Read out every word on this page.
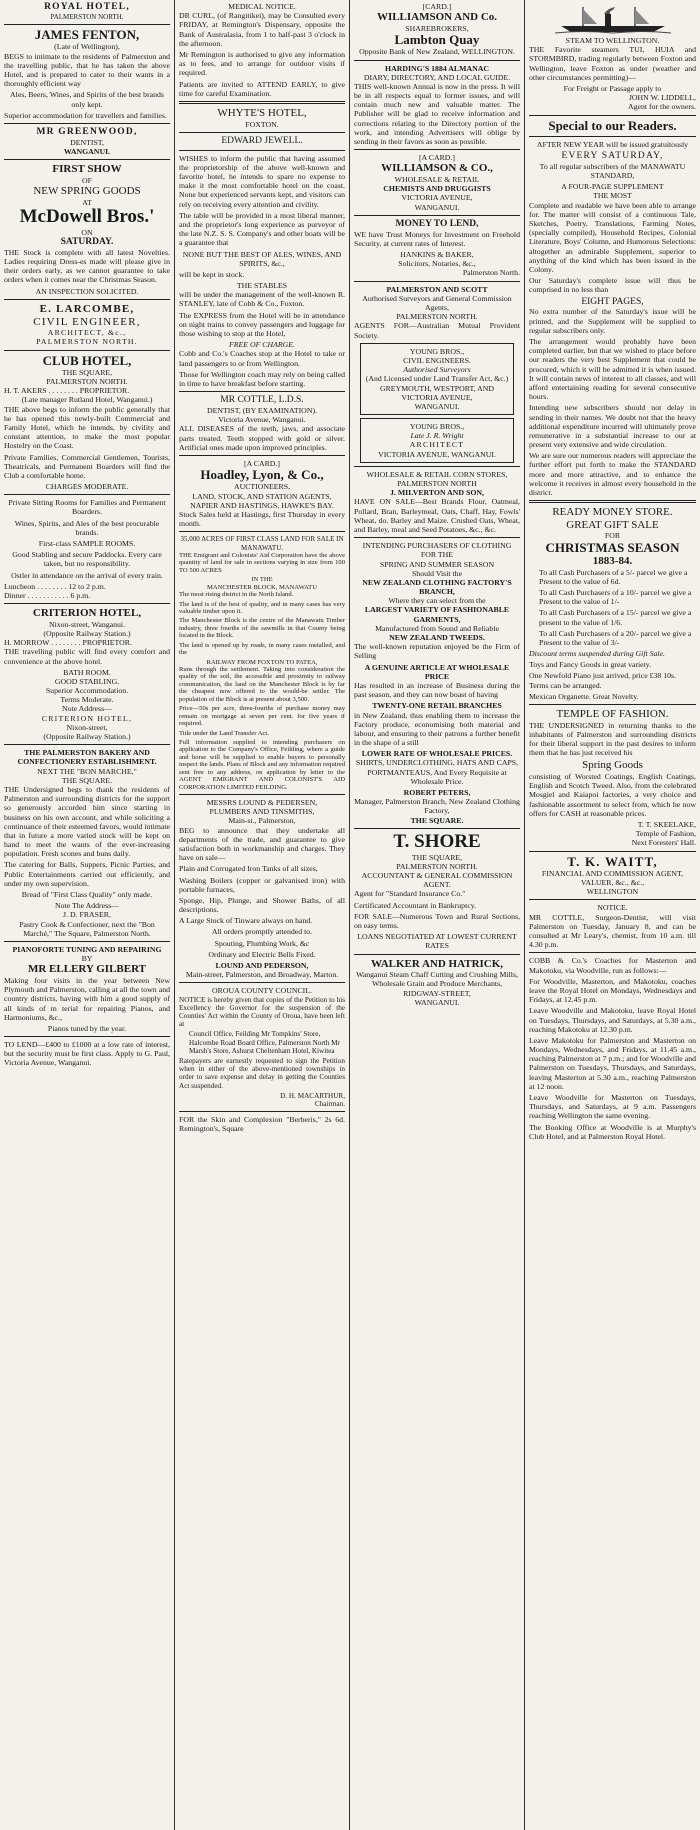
ROYAL HOTEL,
PALMERSTON NORTH.
JAMES FENTON,
(Late of Wellington),

BEGS to intimate to the residents of Palmerston and the travelling public, that he has taken the above Hotel, and is prepared to cater to their wants in a thoroughly efficient way

Ales, Beers, Wines, and Spirits of the best brands only kept.

Superior accommodation for travellers and families.

MR GREENWOOD,
DENTIST,
WANGANUI.
FIRST SHOW
OF
NEW SPRING GOODS
AT
McDowell Bros.'
ON
SATURDAY.

THE Stock is complete with all latest Novelties. Ladies requiring Dress-es made will please give in their orders early, as we cannot guarantee to take orders when it comes near the Christmas Season.

AN INSPECTION SOLICITED.
E. LARCOMBE,
CIVIL ENGINEER,
ARCHITECT, &c.,
PALMERSTON NORTH.
CLUB HOTEL,
THE SQUARE,
PALMERSTON NORTH.
H. T. AKERS . . . . . . . . PROPRIETOR.
(Late manager Rutland Hotel, Wanganui.)

THE above begs to inform the public generally that he has opened this newly-built Commercial and Family Hotel, which he intends, by civility and constant attention, to make the most popular Hostelry on the Coast.

Private Families, Commercial Gentlemen, Tourists, Theatricals, and Permanent Boarders will find the Club a comfortable home.

CHARGES MODERATE.

Private Sitting Rooms for Families and Permanent Boarders.

Wines, Spirits, and Ales of the best procurable brands.

First-class SAMPLE ROOMS.

Good Stabling and secure Paddocks. Every care taken, but no responsibility.

Ostler in attendance on the arrival of every train.

Luncheon . . . . . . . . 12 to 2 p.m.
Dinner . . . . . . . . . . . 6 p.m.
CRITERION HOTEL,
Nixon-street, Wanganui.
(Opposite Railway Station.)
H. MORROW . . . . . . . . PROPRIETOR.

THE travelling public will find every comfort and convenience at the above hotel.

BATH ROOM.
GOOD STABLING.
Superior Accommodation.
Terms Moderate.
Note Address—
CRITERION HOTEL,
Nixon-street,
(Opposite Railway Station.)
THE PALMERSTON BAKERY AND CONFECTIONERY ESTABLISHMENT.
NEXT THE "BON MARCHE,"
THE SQUARE.

THE Undersigned begs to thank the residents of Palmerston and surrounding districts for the support so generously accorded him since starting in business on his own account, and while soliciting a continuance of their esteemed favors, would intimate that in future a more varied stock will be kept on hand to meet the wants of the ever-increasing population. Fresh scones and buns daily.

The catering for Balls, Suppers, Picnic Parties, and Public Entertainments carried out efficiently, and under my own supervision.

Bread of "First Class Quality" only made.

Note The Address—
J. D. FRASER,

Pastry Cook & Confectioner, next the "Bon Marché," The Square, Palmerston North.

PIANOFORTE TUNING AND REPAIRING
BY
MR ELLERY GILBERT

Making four visits in the year between New Plymouth and Palmerston, calling at all the town and country districts, having with him a good supply of all kinds of m terial for repairing Pianos, and Harmoniums, &c.,

Pianos tuned by the year.

TO LEND—£400 to £1000 at a low rate of interest, but the security must be first class. Apply to G. Paul, Victoria Avenue, Wanganui.

MEDICAL NOTICE.

DR CURL, (of Rangitikei), may be Consulted every FRIDAY, at Remington's Dispensary, opposite the Bank of Australasia, from 1 to half-past 3 o'clock in the afternoon.

Mr Remington is authorised to give any information as to fees, and to arrange for outdoor visits if required.

Patients are invited to ATTEND EARLY, to give time for careful Examination.

WHYTE'S HOTEL,
FOXTON.
EDWARD JEWELL.

WISHES to inform the public that having assumed the proprietorship of the above well-known and favorite hotel, he intends to spare no expense to make it the most comfortable hotel on the coast. None but experienced servants kept, and visitors can rely on receiving every attention and civility.

The table will be provided in a most liberal manner, and the proprietor's long experience as purveyor of the late N.Z. S. S. Company's and other boats will be a guarantee that

NONE BUT THE BEST OF ALES, WINES, AND SPIRITS, &c.,

will be kept in stock.

THE STABLES

will be under the management of the well-known R. STANLEY, late of Cobb & Co., Foxton.

The EXPRESS from the Hotel will be in attendance on night trains to convey passengers and luggage for those wishing to stop at the Hotel,

FREE OF CHARGE.

Cobb and Co.'s Coaches stop at the Hotel to take or land passengers to or from Wellington.

Those for Wellington coach may rely on being called in time to have breakfast before starting.

MR COTTLE, L.D.S.
DENTIST, (BY EXAMINATION).
Victoria Avenue, Wanganui.

ALL DISEASES of the teeth, jaws, and associate parts treated. Teeth stopped with gold or silver. Artificial ones made upon improved principles.

[A CARD.]
Hoadley, Lyon, & Co.,
AUCTIONEERS,
LAND, STOCK, AND STATION AGENTS,
NAPIER AND HASTINGS, HAWKE'S BAY.

Stock Sales held at Hastings, first Thursday in every month.

35,000 ACRES OF FIRST CLASS LAND FOR SALE IN MANAWATU.

THE Emigrant and Colonists' Aid Corporation have the above quantity of land for sale in sections varying in size from 100 TO 500 ACRES

IN THE
MANCHESTER BLOCK, MANAWATU

The most rising district in the North Island.

The land is of the best of quality, and in many cases has very valuable timber upon it.

The Manchester Block is the centre of the Manawatu Timber industry, three fourths of the sawmills in that County being located in the Block.

The land is opened up by roads, in many cases metalled, and the

RAILWAY FROM FOXTON TO PATEA,

Runs through the settlement. Taking into consideration the quality of the soil, the accessible and proximity to railway communication, the land on the Manchester Block is by far the cheapest now offered to the would-be settler. The population of the Block is at present about 3,500.

Price—50s per acre, three-fourths of purchase money may remain on mortgage at seven per cent. for five years if required.

Title under the Land Transfer Act.

Full information supplied to intending purchasers on application to the Company's Office, Feilding, where a guide and horse will be supplied to enable buyers to personally inspect the lands. Plans of Block and any information required sent free to any address, on application by letter to the AGENT EMIGRANT AND COLONIST'S AID CORPORATION LIMITED FEILDING.

MESSRS LOUND & PEDERSEN,
PLUMBERS AND TINSMITHS,
Main-st., Palmerston,

BEG to announce that they undertake all departments of the trade, and guarantee to give satisfaction both in workmanship and charges. They have on sale—

Plain and Corrugated Iron Tanks of all sizes,

Washing Boilers (copper or galvanised iron) with portable furnaces,

Sponge, Hip, Plunge, and Shower Baths, of all descriptions.

A Large Stock of Tinware always on hand.

All orders promptly attended to.

Spouting, Plumbing Work, &c

Ordinary and Electric Bells Fixed.

LOUND AND PEDERSON,

Main-street, Palmerston, and Broadway, Marton.

OROUA COUNTY COUNCIL.

NOTICE is hereby given that copies of the Petition to his Excellency the Governor for the suspension of the Counties' Act within the County of Oroua, have been left at

Council Office, Feilding Mr Tompkins' Store, Halcombe Road Board Office, Palmerston North Mr Marsh's Store, Ashurst Cheltenham Hotel, Kiwitea

Ratepayers are earnestly requested to sign the Petition when in either of the above-mentioned townships in order to save expense and delay in getting the Counties Act suspended.

D. H. MACARTHUR,
Chairman.

FOR the Skin and Complexion "Berberis," 2s 6d. Remington's, Square

[CARD.]
WILLIAMSON AND Co.
SHAREBROKERS,
Lambton Quay
Opposite Bank of New Zealand, WELLINGTON.
HARDING'S 1884 ALMANAC
DIARY, DIRECTORY, AND LOCAL GUIDE.

THIS well-known Annual is now in the press. It will be in all respects equal to former issues, and will contain much new and valuable matter. The Publisher will be glad to receive information and corrections relating to the Directory portion of the work, and intending Advertisers will oblige by sending in their favors as soon as possible.

[A CARD.]
WILLIAMSON & CO.,
WHOLESALE & RETAIL
CHEMISTS AND DRUGGISTS
VICTORIA AVENUE,
WANGANUI.
MONEY TO LEND,

WE have Trust Moneys for Investment on Freehold Security, at current rates of Interest.

HANKINS & BAKER,
Solicitors, Notaries, &c.,
Palmerston North.
PALMERSTON AND SCOTT
Authorised Surveyors and General Commission Agents,
PALMERSTON NORTH.

AGENTS FOR—Australian Mutual Provident Society.

YOUNG BROS.,
CIVIL ENGINEERS.
Authorised Surveyors
(And Licensed under Land Transfer Act, &c.)
GREYMOUTH, WESTPORT, AND
VICTORIA AVENUE,
WANGANUI.
YOUNG BROS.,
Late J. R. Wright
ARCHITECT
VICTORIA AVENUE, WANGANUI.
WHOLESALE & RETAIL CORN STORES,
PALMERSTON NORTH
J. MILVERTON AND SON,

HAVE ON SALE—Best Brands Flour, Oatmeal, Pollard, Bran, Barleymeal, Oats, Chaff, Hay, Fowls' Wheat, do. Barley and Maize. Crushed Oats, Wheat, and Barley, meal and Seed Potatoes, &c., &c.

INTENDING PURCHASERS OF CLOTHING
FOR THE
SPRING AND SUMMER SEASON
Should Visit the
NEW ZEALAND CLOTHING FACTORY'S BRANCH,
Where they can select from the
LARGEST VARIETY OF FASHIONABLE GARMENTS,
Manufactured from Sound and Reliable
NEW ZEALAND TWEEDS.

The well-known reputation enjoyed be the Firm of Selling

A GENUINE ARTICLE AT WHOLESALE PRICE

Has resulted in an increase of Business during the past season, and they can now boast of having

TWENTY-ONE RETAIL BRANCHES

in New Zealand, thus enabling them to increase the Factory produce, economising both material and labour, and ensuring to their patrons a further benefit in the shape of a still

LOWER RATE OF WHOLESALE PRICES.

SHIRTS, UNDERCLOTHING, HATS AND CAPS, PORTMANTEAUS, And Every Requisite at Wholesale Price.

ROBERT PETERS,
Manager, Palmerston Branch, New Zealand Clothing Factory,
THE SQUARE.
T. SHORE
THE SQUARE,
PALMERSTON NORTH.
ACCOUNTANT & GENERAL COMMISSION AGENT.

Agent for "Standard Insurance Co."

Certificated Accountant in Bankruptcy.

FOR SALE—Numerous Town and Rural Sections, on easy terms.

LOANS NEGOTIATED AT LOWEST CURRENT RATES
WALKER AND HATRICK,
Wanganui Steam Chaff Cutting and Crushing Mills,
Wholesale Grain and Produce Merchants,
RIDGWAY-STREET,
WANGANUI.
STEAM TO WELLINGTON.

THE Favorite steamers TUI, HUIA and STORMBIRD, trading regularly between Foxton and Wellington, leave Foxton as under (weather and other circumstances permitting)—

For Freight or Passage apply to
JOHN W. LIDDELL,
Agent for the owners.
Special to our Readers.

AFTER NEW YEAR will be issued gratuitously

EVERY SATURDAY,

To all regular subscribers of the MANAWATU STANDARD,

A FOUR-PAGE SUPPLEMENT
THE MOST

Complete and readable we have been able to arrange for. The matter will consist of a continuous Tale, Sketches, Poetry, Translations, Farming Notes, (specially compiled), Household Recipes, Colonial Literature, Boys' Column, and Humorous Selections: altogether an admirable Supplement, superior to anything of the kind which has been issued in the Colony.

Our Saturday's complete issue will thus be comprised in no less than

EIGHT PAGES,

No extra number of the Saturday's issue will be printed, and the Supplement will be supplied to regular subscribers only.

The arrangement would probably have been completed earlier, but that we wished to place before our readers the very best Supplement that could be procured, which it will be admitted it is when issued. It will contain news of interest to all classes, and will afford entertaining reading for several consecutive hours.

Intending new subscribers should not delay in sending in their names. We doubt not that the heavy additional expenditure incurred will ultimately prove remunerative in a substantial increase to our at present very extensive and wide circulation.

We are sure our numerous readers will appreciate the further effort put forth to make the STANDARD more and more attractive, and to enhance the welcome it receives in almost every household in the district.

READY MONEY STORE.
GREAT GIFT SALE
FOR
CHRISTMAS SEASON
1883-84.

To all Cash Purchasers of a 5/- parcel we give a Present to the value of 6d.

To all Cash Purchasers of a 10/- parcel we give a Present to the value of 1/-

To all Cash Purchasers of a 15/- parcel we give a present to the value of 1/6.

To all Cash Purchasers of a 20/- parcel we give a Present to the value of 3/-

Discount terms suspended during Gift Sale.

Toys and Fancy Goods in great variety.

One Newfold Piano just arrived, price £38 10s. Terms can be arranged.

Mexican Organette. Great Novelty.

TEMPLE OF FASHION.

THE UNDERSIGNED in returning thanks to the inhabitants of Palmerston and surrounding districts for their liberal support in the past desires to inform them that he has just received his

Spring Goods

consisting of Worsted Coatings, English Coatings, English and Scotch Tweed. Also, from the celebrated Mosgiel and Kaiapoi factories, a very choice and fashionable assortment to select from, which he now offers for CASH at reasonable prices.

T. T. SKEELAKE,
Temple of Fashion,
Next Foresters' Hall.
T. K. WAITT,
FINANCIAL AND COMMISSION AGENT, VALUER, &c., &c.,
WELLINGTON
NOTICE.

MR COTTLE, Surgeon-Dentist, will visit Palmerston on Tuesday, January 8, and can be consulted at Mr Leary's, chemist, from 10 a.m. till 4.30 p.m.

COBB & Co.'s Coaches for Masterton and Makotoku, via Woodville, run as follows:—

For Woodville, Masterton, and Makotoku, coaches leave the Royal Hotel on Mondays, Wednesdays and Fridays, at 12.45 p.m.

Leave Woodville and Makotoku, leave Royal Hotel on Tuesdays, Thursdays, and Saturdays, at 5.30 a.m., reaching Makotoku at 12.30 p.m.

Leave Makotoku for Palmerston and Masterton on Mondays, Wednesdays, and Fridays, at 11.45 a.m., reaching Palmerston at 7 p.m.; and for Woodville and Palmerston on Tuesdays, Thursdays, and Saturdays, leaving Masterton at 5.30 a.m., reaching Palmerston at 12 noon.

Leave Woodville for Masterton on Tuesdays, Thursdays, and Saturdays, at 9 a.m. Passengers reaching Wellington the same evening.

The Booking Office at Woodville is at Murphy's Club Hotel, and at Palmerston Royal Hotel.
